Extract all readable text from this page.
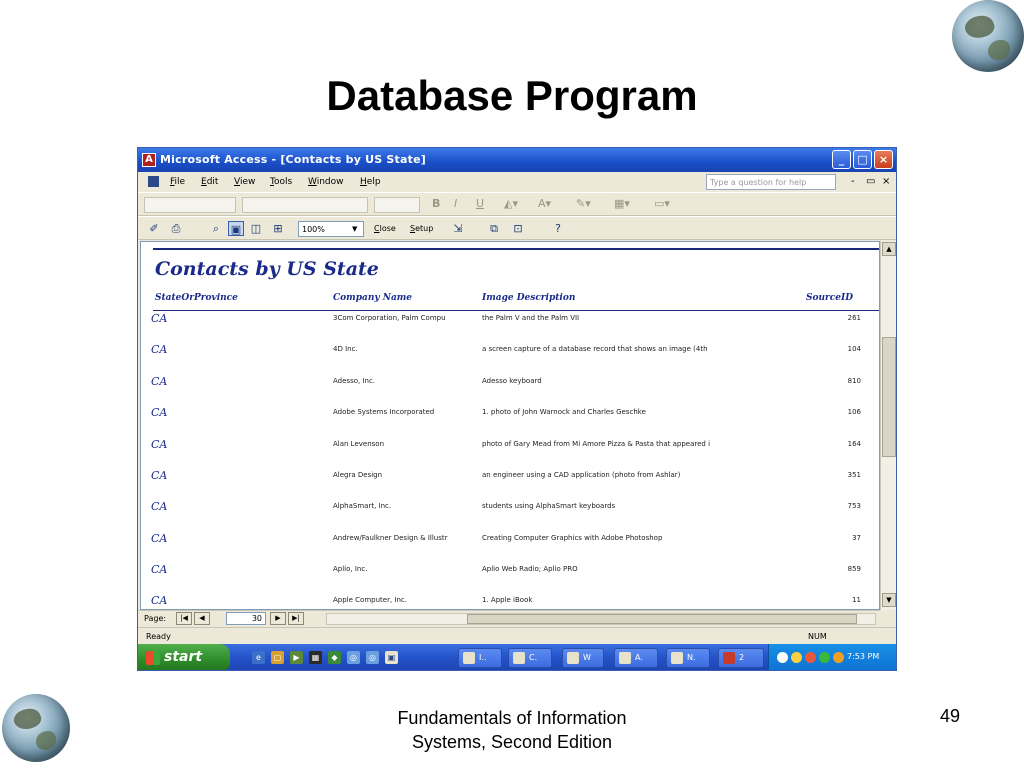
Database Program
A Microsoft Access - [Contacts by US State]	_	□	×
File Edit View Tools Window Help	Type a question for help	- ▭ ×
B I U ◭▾ A▾ ✎▾ ▦▾ ▭▾
✐	⎙	⌕	▣ ◫	⊞	100%	▼ Close Setup	⇲	⧉	⊡	?
Contacts by US State
StateOrProvince	Company Name	Image Description	SourceID
CA	3Com Corporation, Palm Compu	the Palm V and the Palm VII	261
CA	4D Inc.	a screen capture of a database record that shows an image (4th	104
CA	Adesso, Inc.	Adesso keyboard	810
CA	Adobe Systems Incorporated	1. photo of John Warnock and Charles Geschke	106
CA	Alan Levenson	photo of Gary Mead from Mi Amore Pizza & Pasta that appeared i	164
CA	Alegra Design	an engineer using a CAD application (photo from Ashlar)	351
CA	AlphaSmart, Inc.	students using AlphaSmart keyboards	753
CA	Andrew/Faulkner Design & Illustr	Creating Computer Graphics with Adobe Photoshop	37
CA	Aplio, Inc.	Aplio Web Radio; Aplio PRO	859
CA	Apple Computer, Inc.	1. Apple iBook	11
▲
▼
Page:	|◀	◀	30	▶	▶|
Ready	NUM
start	e	▢	▶	▦	◆	◎	◎	▣	I..	C.	W	A.	N.	2	7:53 PM
Fundamentals of Information
Systems, Second Edition
49
